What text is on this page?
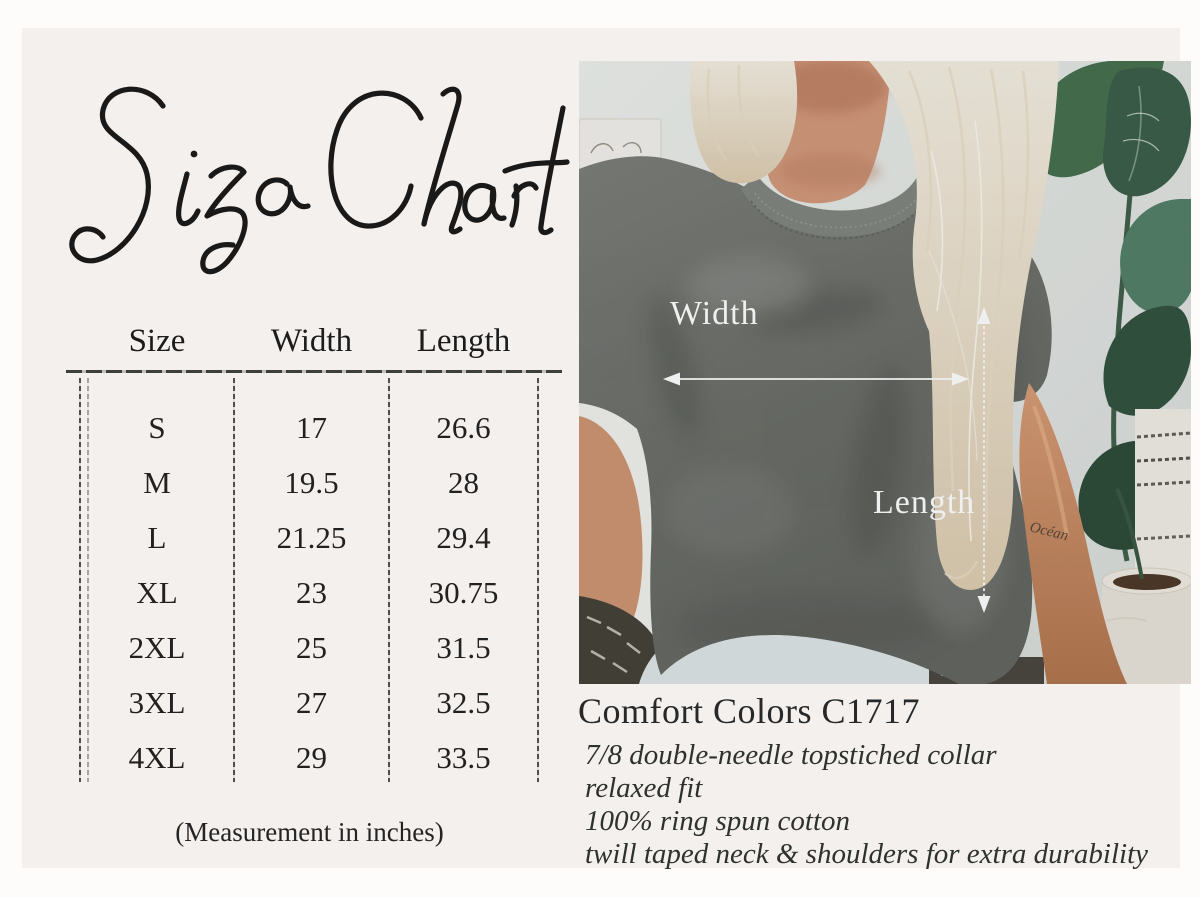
Size	Width	Length
S	17	26.6
M	19.5	28
L	21.25	29.4
XL	23	30.75
2XL	25	31.5
3XL	27	32.5
4XL	29	33.5
(Measurement in inches)
Océan
Width
Length
Comfort Colors C1717
7/8 double-needle topstiched collar
relaxed fit
100% ring spun cotton
twill taped neck & shoulders for extra durability
